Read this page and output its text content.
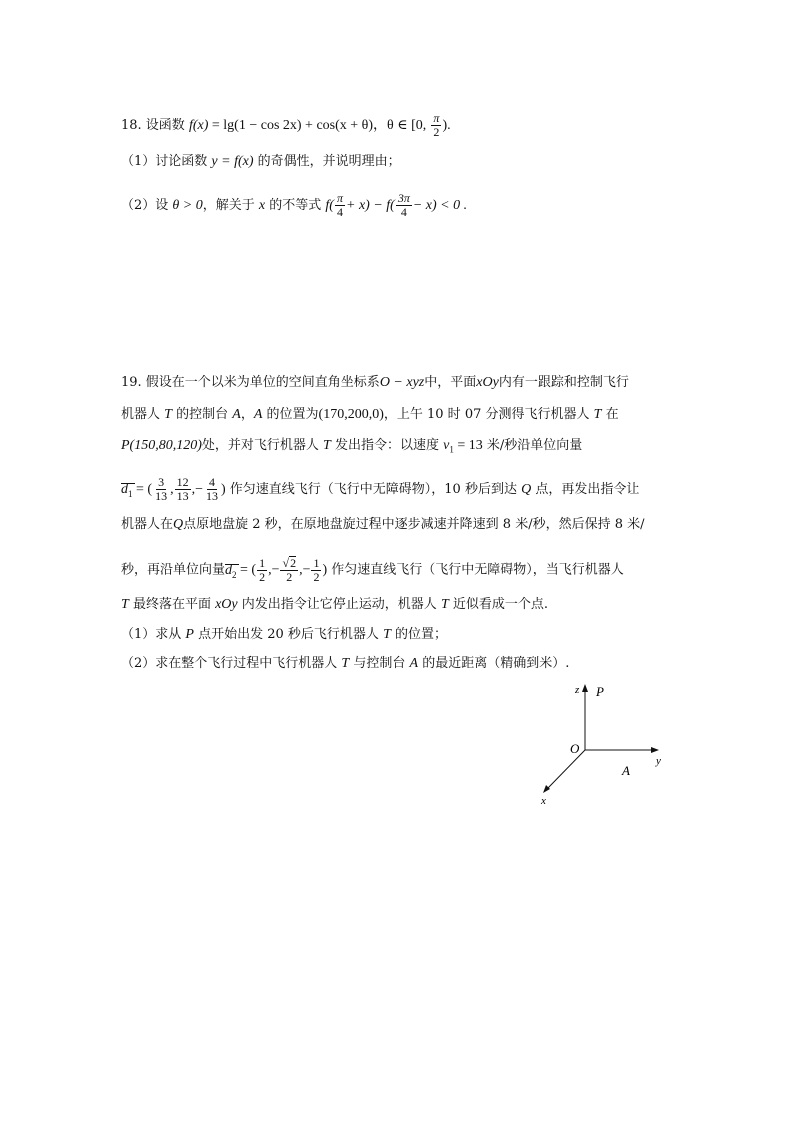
18. 设函数 f(x) = lg(1 − cos 2x) + cos(x + θ)，θ ∈ [0, $\frac{\pi}{2}$ ).
（1）讨论函数 y = f(x) 的奇偶性，并说明理由；
（2）设 θ > 0，解关于 x 的不等式 $f( \frac{\pi}{4} + x) - f( \frac{3\pi}{4} - x) < 0$ .
19. 假设在一个以米为单位的空间直角坐标系O − xyz中，平面xOy内有一跟踪和控制飞行
机器人 T 的控制台 A，A 的位置为(170,200,0)，上午 10 时 07 分测得飞行机器人 T 在
P(150,80,120)处，并对飞行机器人 T 发出指令：以速度 $v_1 = 13$ 米/秒沿单位向量
$d_1$ = ( $\frac{3}{13}$ , $\frac{12}{13}$ ,− $\frac{4}{13}$ ) 作匀速直线飞行（飞行中无障碍物），10 秒后到达 Q 点，再发出指令让
机器人在Q点原地盘旋 2 秒，在原地盘旋过程中逐步减速并降速到 8 米/秒，然后保持 8 米/
秒，再沿单位向量$d_2$ = ( $\frac{1}{2}$ ,− $\frac{√2}{2}$ ,− $\frac{1}{2}$ ) 作匀速直线飞行（飞行中无障碍物），当飞行机器人
T 最终落在平面 xOy 内发出指令让它停止运动，机器人 T 近似看成一个点.
（1）求从 P 点开始出发 20 秒后飞行机器人 T 的位置；
（2）求在整个飞行过程中飞行机器人 T 与控制台 A 的最近距离（精确到米）.
z P
O
y
A
x
